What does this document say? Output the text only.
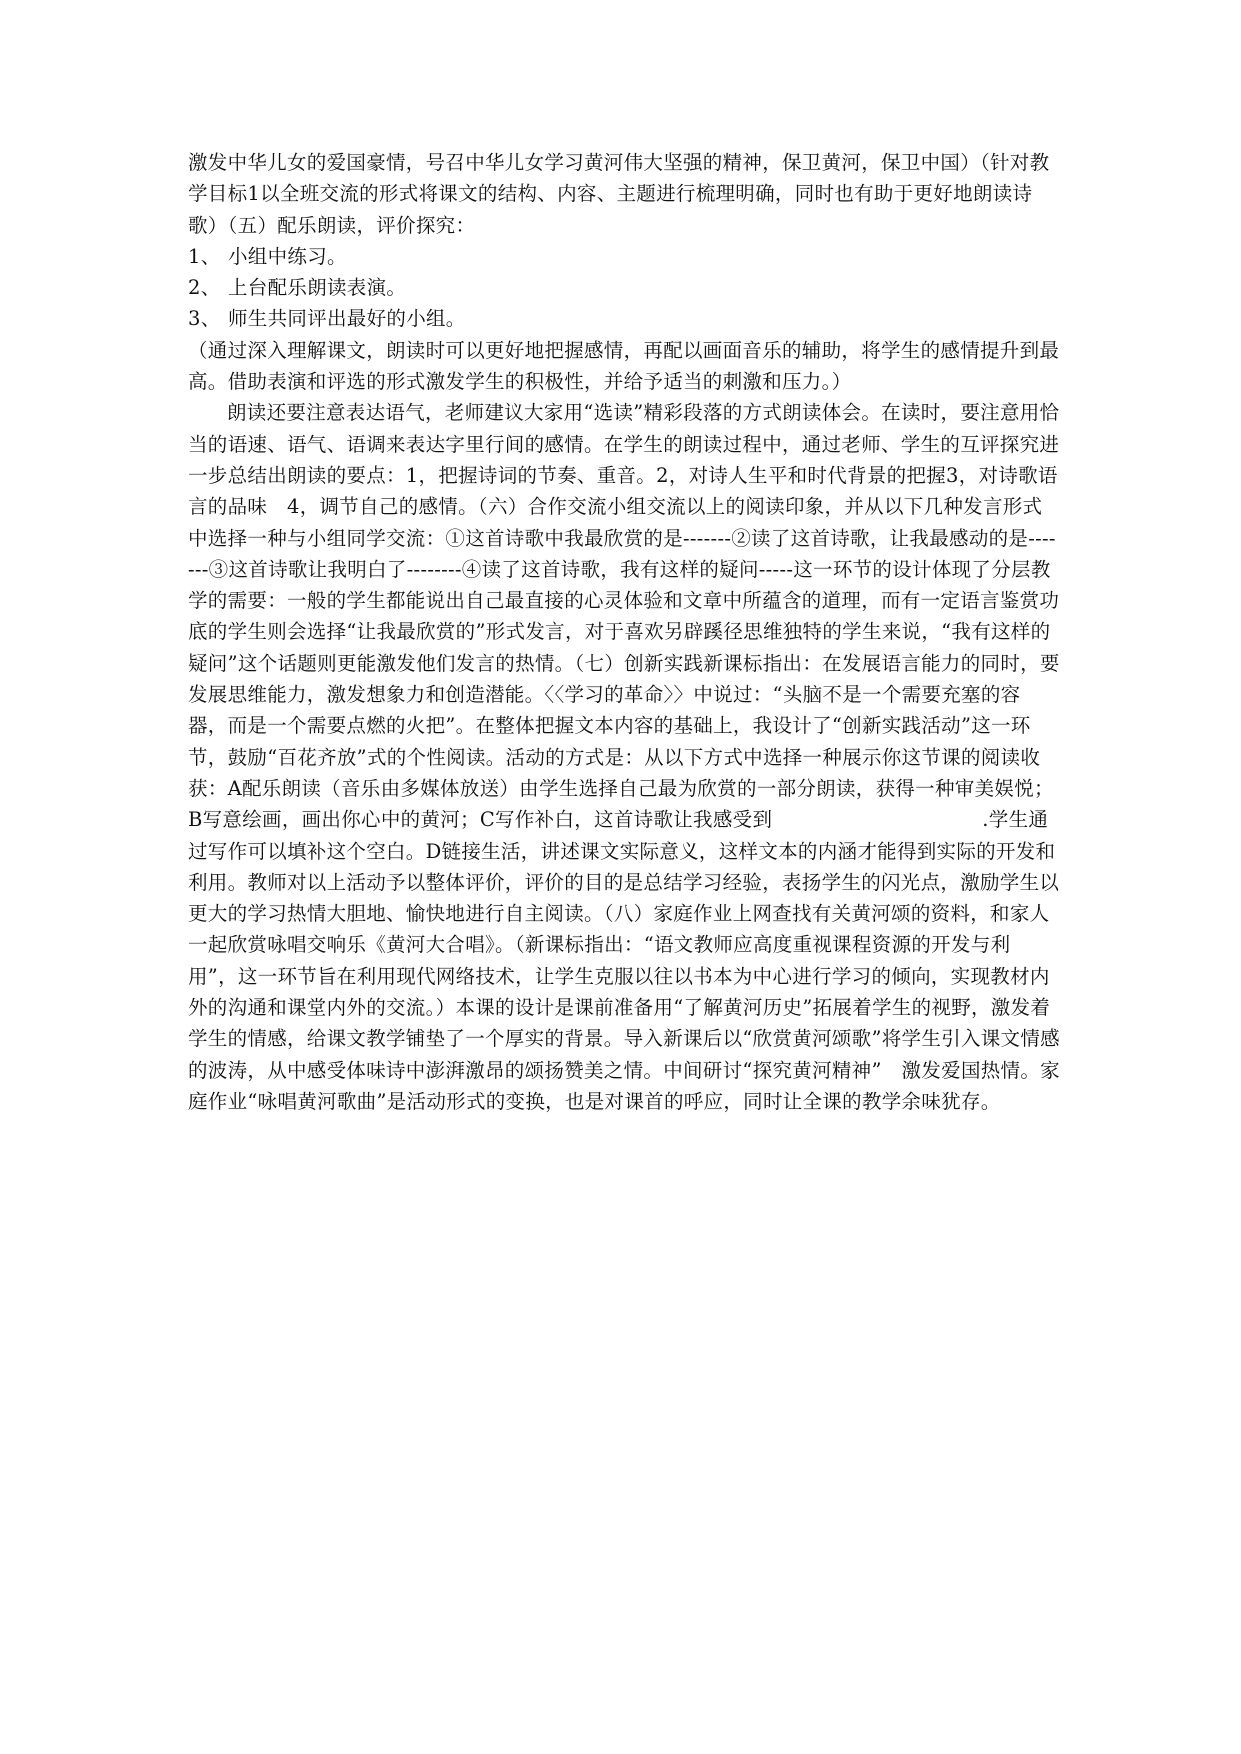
激发中华儿女的爱国豪情，号召中华儿女学习黄河伟大坚强的精神，保卫黄河，保卫中国）（针对教学目标1以全班交流的形式将课文的结构、内容、主题进行梳理明确，同时也有助于更好地朗读诗歌）（五）配乐朗读，评价探究：

1、 小组中练习。
2、 上台配乐朗读表演。
3、 师生共同评出最好的小组。

（通过深入理解课文，朗读时可以更好地把握感情，再配以画面音乐的辅助，将学生的感情提升到最高。借助表演和评选的形式激发学生的积极性，并给予适当的刺激和压力。）

朗读还要注意表达语气，老师建议大家用“选读”精彩段落的方式朗读体会。在读时，要注意用恰当的语速、语气、语调来表达字里行间的感情。在学生的朗读过程中，通过老师、学生的互评探究进一步总结出朗读的要点：1，把握诗词的节奏、重音。2，对诗人生平和时代背景的把握3，对诗歌语言的品味　4，调节自己的感情。（六）合作交流小组交流以上的阅读印象，并从以下几种发言形式中选择一种与小组同学交流：①这首诗歌中我最欣赏的是-------②读了这首诗歌，让我最感动的是-------③这首诗歌让我明白了--------④读了这首诗歌，我有这样的疑问-----这一环节的设计体现了分层教学的需要：一般的学生都能说出自己最直接的心灵体验和文章中所蕴含的道理，而有一定语言鉴赏功底的学生则会选择“让我最欣赏的”形式发言，对于喜欢另辟蹊径思维独特的学生来说，“我有这样的疑问”这个话题则更能激发他们发言的热情。（七）创新实践新课标指出：在发展语言能力的同时，要发展思维能力，激发想象力和创造潜能。〈〈学习的革命〉〉中说过：“头脑不是一个需要充塞的容器，而是一个需要点燃的火把”。在整体把握文本内容的基础上，我设计了“创新实践活动”这一环节，鼓励“百花齐放”式的个性阅读。活动的方式是：从以下方式中选择一种展示你这节课的阅读收获：A配乐朗读（音乐由多媒体放送）由学生选择自己最为欣赏的一部分朗读，获得一种审美娱悦；　B写意绘画，画出你心中的黄河；C写作补白，这首诗歌让我感受到	.学生通过写作可以填补这个空白。D链接生活，讲述课文实际意义，这样文本的内涵才能得到实际的开发和利用。教师对以上活动予以整体评价，评价的目的是总结学习经验，表扬学生的闪光点，激励学生以更大的学习热情大胆地、愉快地进行自主阅读。（八）家庭作业上网查找有关黄河颂的资料，和家人一起欣赏咏唱交响乐《黄河大合唱》。（新课标指出：“语文教师应高度重视课程资源的开发与利用”，这一环节旨在利用现代网络技术，让学生克服以往以书本为中心进行学习的倾向，实现教材内外的沟通和课堂内外的交流。）本课的设计是课前准备用“了解黄河历史”拓展着学生的视野，激发着学生的情感，给课文教学铺垫了一个厚实的背景。导入新课后以“欣赏黄河颂歌”将学生引入课文情感的波涛，从中感受体味诗中澎湃激昂的颂扬赞美之情。中间研讨“探究黄河精神”　激发爱国热情。家庭作业“咏唱黄河歌曲”是活动形式的变换，也是对课首的呼应，同时让全课的教学余味犹存。
